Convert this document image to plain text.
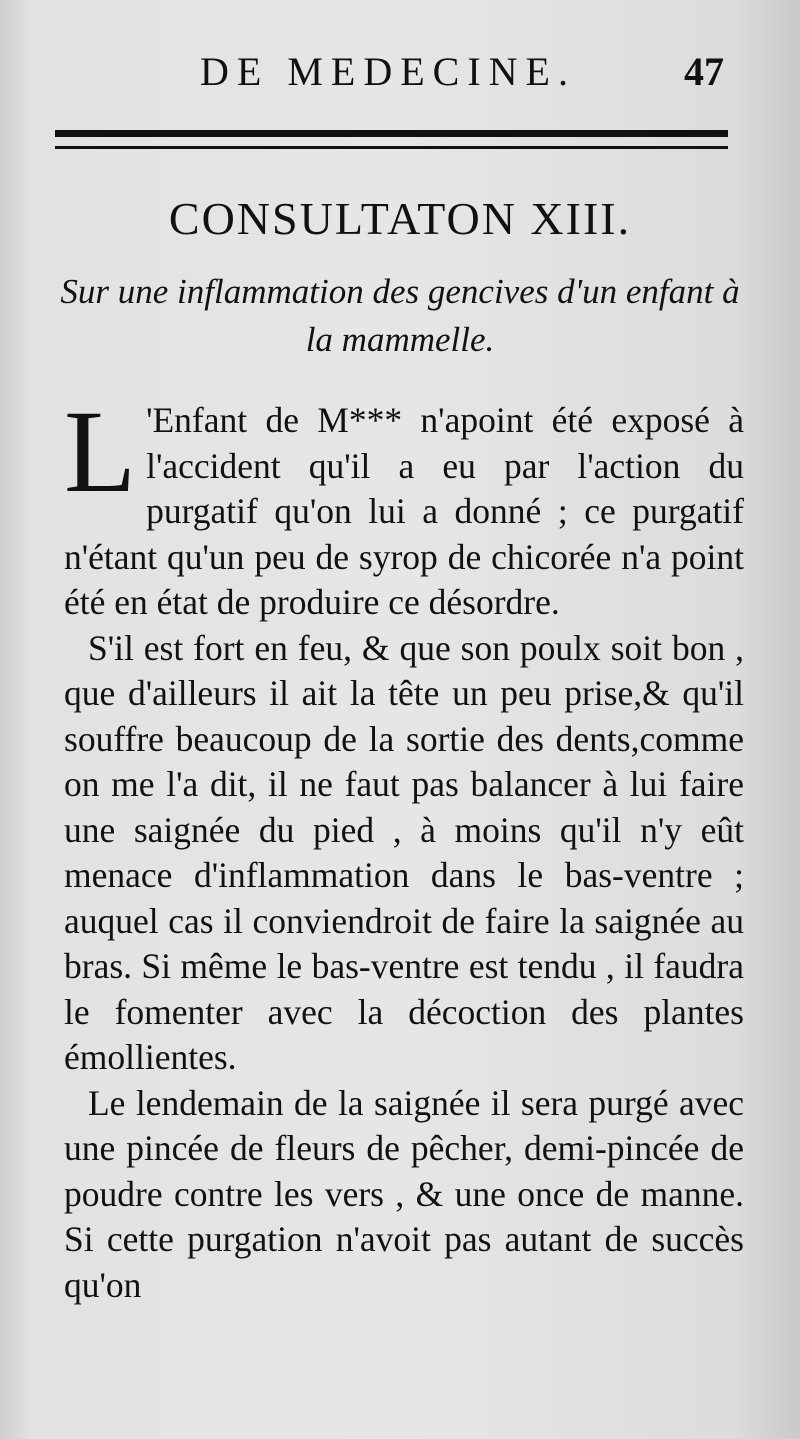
DE MEDECINE.	47
CONSULTATON XIII.
Sur une inflammation des gencives d'un enfant à la mammelle.

L 'Enfant de M*** n'apoint été exposé à l'accident qu'il a eu par l'action du purgatif qu'on lui a donné ; ce purgatif n'étant qu'un peu de syrop de chicorée n'a point été en état de produire ce désordre.

S'il est fort en feu, & que son poulx soit bon , que d'ailleurs il ait la tête un peu prise,& qu'il souffre beaucoup de la sortie des dents,comme on me l'a dit, il ne faut pas balancer à lui faire une saignée du pied , à moins qu'il n'y eût menace d'inflammation dans le bas-ventre ; auquel cas il conviendroit de faire la saignée au bras. Si même le bas-ventre est tendu , il faudra le fomenter avec la décoction des plantes émollientes.

Le lendemain de la saignée il sera purgé avec une pincée de fleurs de pêcher, demi-pincée de poudre contre les vers , & une once de manne. Si cette purgation n'avoit pas autant de succès qu'on
